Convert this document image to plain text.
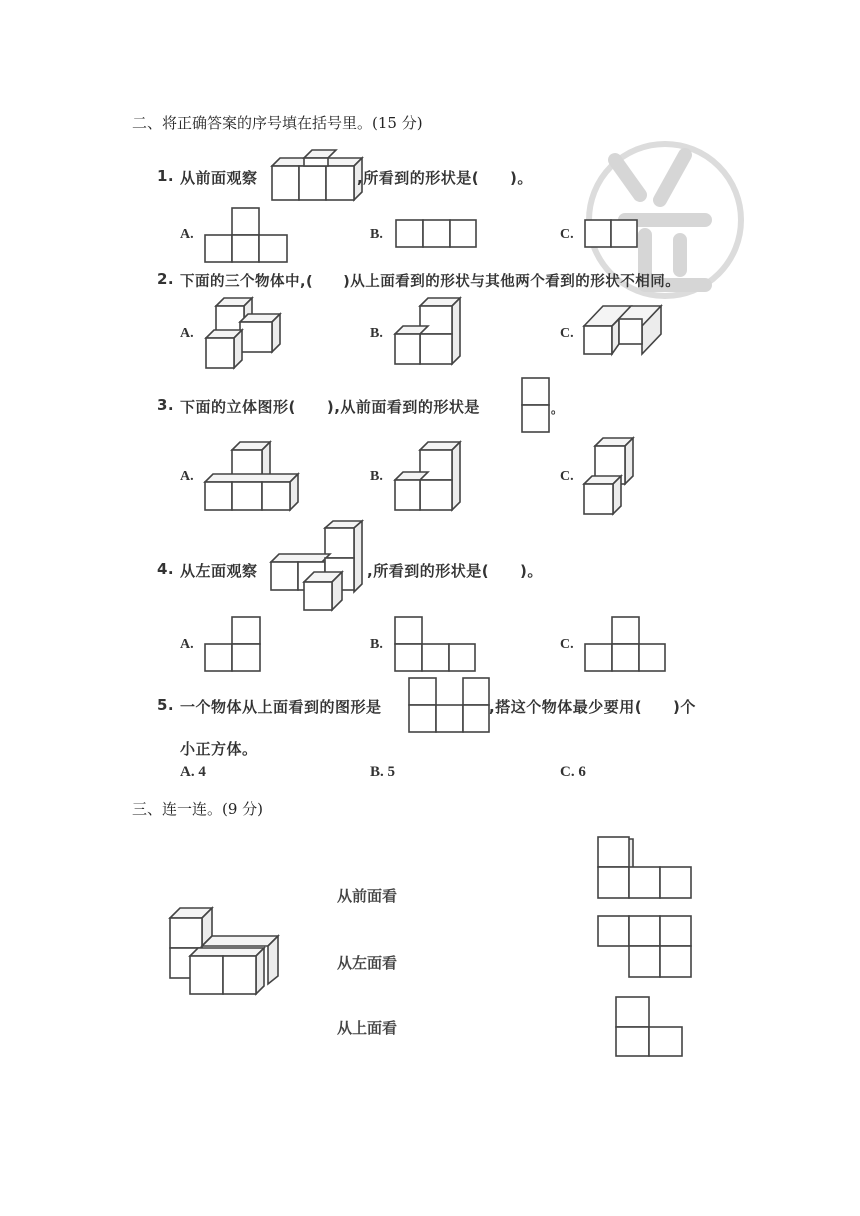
二、将正确答案的序号填在括号里。(15 分)
1. 从前面观察	,所看到的形状是(　　)。
A.	B.	C.
2. 下面的三个物体中,(　　)从上面看到的形状与其他两个看到的形状不相同。
A.	B.	C.
3. 下面的立体图形(　　),从前面看到的形状是	。
A.	B.	C.
4. 从左面观察	,所看到的形状是(　　)。
A.	B.	C.
5. 一个物体从上面看到的图形是	,搭这个物体最少要用(　　)个
小正方体。
A. 4	B. 5	C. 6
三、连一连。(9 分)
从前面看
从左面看
从上面看
